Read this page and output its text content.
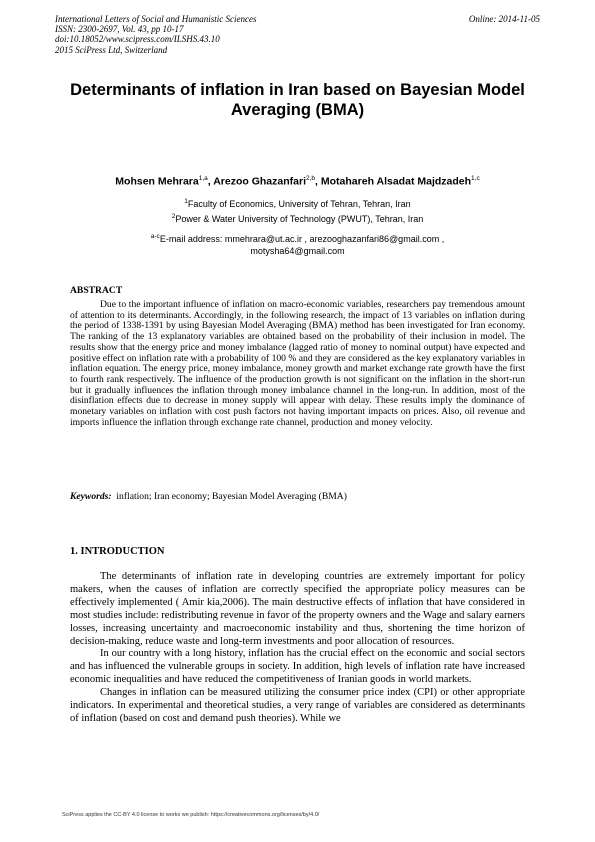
International Letters of Social and Humanistic Sciences
ISSN: 2300-2697, Vol. 43, pp 10-17
doi:10.18052/www.scipress.com/ILSHS.43.10
2015 SciPress Ltd, Switzerland
Online: 2014-11-05
Determinants of inflation in Iran based on Bayesian Model Averaging (BMA)
Mohsen Mehrara$^{1,a}$, Arezoo Ghazanfari$^{2,b}$, Motahareh Alsadat Majdzadeh$^{1,c}$
$^1$Faculty of Economics, University of Tehran, Tehran, Iran
$^2$Power & Water University of Technology (PWUT), Tehran, Iran
$^{a-c}$E-mail address: mmehrara@ut.ac.ir , arezooghazanfari86@gmail.com ,
motysha64@gmail.com
ABSTRACT

Due to the important influence of inflation on macro-economic variables, researchers pay tremendous amount of attention to its determinants. Accordingly, in the following research, the impact of 13 variables on inflation during the period of 1338-1391 by using Bayesian Model Averaging (BMA) method has been investigated for Iran economy. The ranking of the 13 explanatory variables are obtained based on the probability of their inclusion in model. The results show that the energy price and money imbalance (lagged ratio of money to nominal output) have expected and positive effect on inflation rate with a probability of 100 % and they are considered as the key explanatory variables in inflation equation. The energy price, money imbalance, money growth and market exchange rate growth have the first to fourth rank respectively. The influence of the production growth is not significant on the inflation in the short-run but it gradually influences the inflation through money imbalance channel in the long-run. In addition, most of the disinflation effects due to decrease in money supply will appear with delay. These results imply the dominance of monetary variables on inflation with cost push factors not having important impacts on prices. Also, oil revenue and imports influence the inflation through exchange rate channel, production and money velocity.

Keywords: inflation; Iran economy; Bayesian Model Averaging (BMA)
1. INTRODUCTION

The determinants of inflation rate in developing countries are extremely important for policy makers, when the causes of inflation are correctly specified the appropriate policy measures can be effectively implemented ( Amir kia,2006). The main destructive effects of inflation that have considered in most studies include: redistributing revenue in favor of the property owners and the Wage and salary earners losses, increasing uncertainty and macroeconomic instability and thus, shortening the time horizon of decision-making, reduce waste and long-term investments and poor allocation of resources.

In our country with a long history, inflation has the crucial effect on the economic and social sectors and has influenced the vulnerable groups in society. In addition, high levels of inflation rate have increased economic inequalities and have reduced the competitiveness of Iranian goods in world markets.

Changes in inflation can be measured utilizing the consumer price index (CPI) or other appropriate indicators. In experimental and theoretical studies, a very range of variables are considered as determinants of inflation (based on cost and demand push theories). While we

SciPress applies the CC-BY 4.0 license to works we publish: https://creativecommons.org/licenses/by/4.0/
